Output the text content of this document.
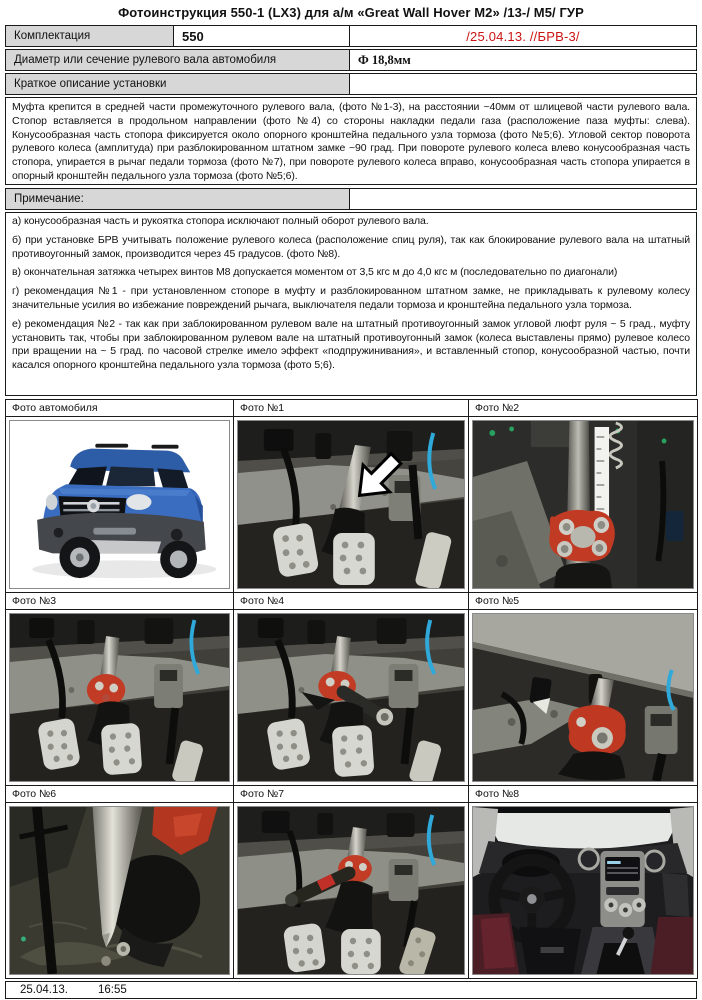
Фотоинструкция 550-1 (LX3) для а/м «Great Wall Hover M2» /13-/ М5/ ГУР
Комплектация	550	/25.04.13. //БРВ-3/
Диаметр или сечение рулевого вала автомобиля	Ф 18,8мм
Краткое описание установки
Муфта крепится в средней части промежуточного рулевого вала, (фото №1-3), на расстоянии ~40мм от шлицевой части рулевого вала. Стопор вставляется в продольном направлении (фото №4) со стороны накладки педали газа (расположение паза муфты: слева). Конусообразная часть стопора фиксируется около опорного кронштейна педального узла тормоза (фото №5;6). Угловой сектор поворота рулевого колеса (амплитуда) при разблокированном штатном замке ~90 град. При повороте рулевого колеса влево конусообразная часть стопора, упирается в рычаг педали тормоза (фото №7), при повороте рулевого колеса вправо, конусообразная часть стопора упирается в опорный кронштейн педального узла тормоза (фото №5;6).
Примечание:

а) конусообразная часть и рукоятка стопора исключают полный оборот рулевого вала.

б) при установке БРВ учитывать положение рулевого колеса (расположение спиц руля), так как блокирование рулевого вала на штатный противоугонный замок, производится через 45 градусов. (фото №8).

в) окончательная затяжка четырех винтов М8 допускается моментом от 3,5 кгс м до 4,0 кгс м (последовательно по диагонали)

г) рекомендация №1 - при установленном стопоре в муфту и разблокированном штатном замке, не прикладывать к рулевому колесу значительные усилия во избежание повреждений рычага, выключателя педали тормоза и кронштейна педального узла тормоза.

е) рекомендация №2 - так как при заблокированном рулевом вале на штатный противоугонный замок угловой люфт руля ~ 5 град., муфту установить так, чтобы при заблокированном рулевом вале на штатный противоугонный замок (колеса выставлены прямо) рулевое колесо при вращении на ~ 5 град. по часовой стрелке имело эффект «подпружинивания», и вставленный стопор, конусообразной частью, почти касался опорного кронштейна педального узла тормоза (фото 5;6).

Фото автомобиля	Фото №1	Фото №2
Фото №3	Фото №4	Фото №5
Фото №6	Фото №7	Фото №8
25.04.13.	16:55
